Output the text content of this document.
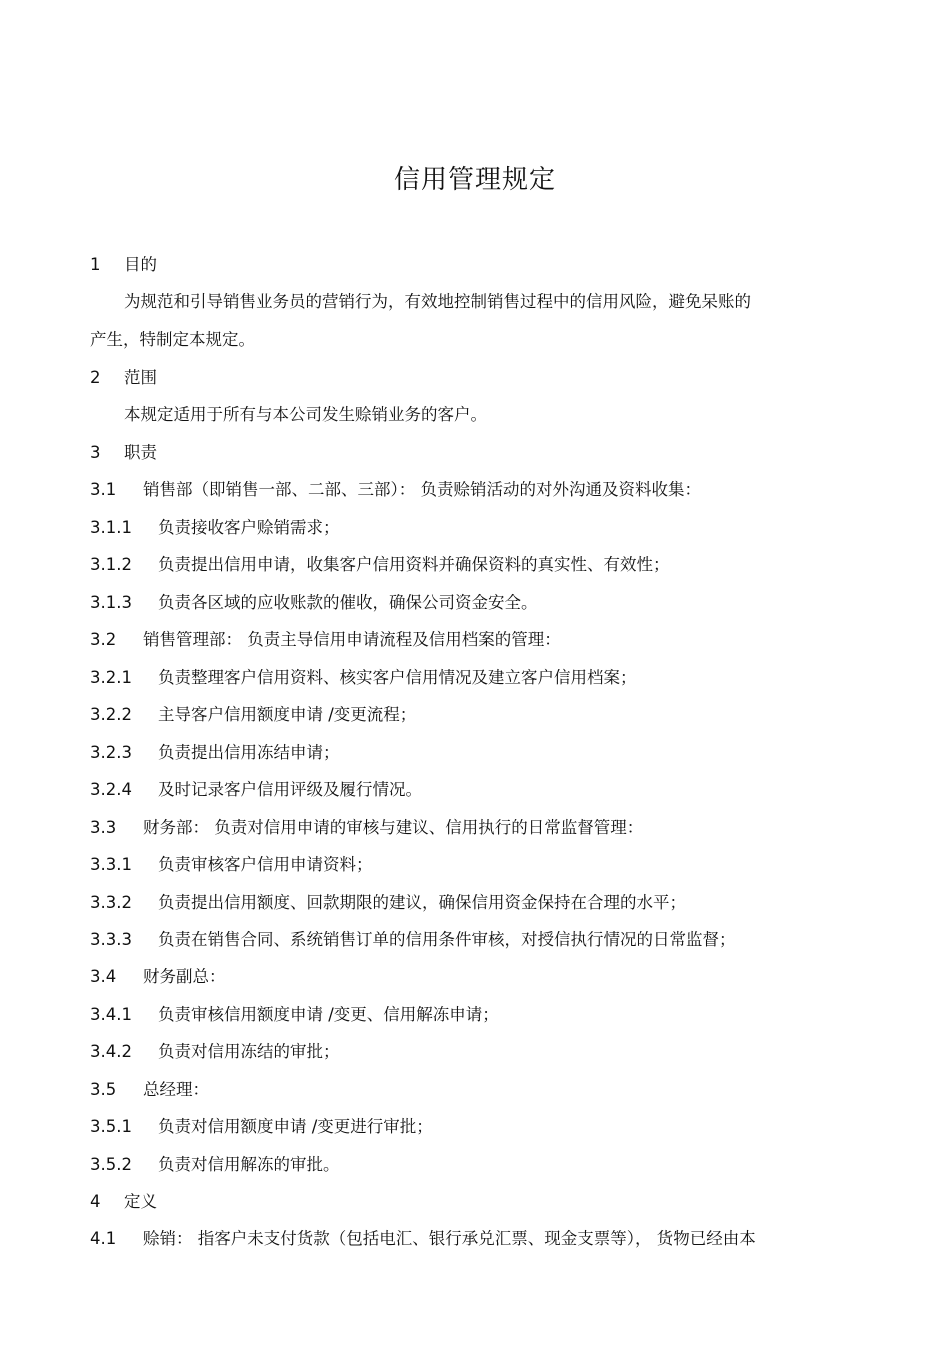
信用管理规定
1 目的
为规范和引导销售业务员的营销行为，有效地控制销售过程中的信用风险，避免呆账的
产生，特制定本规定。
2 范围
本规定适用于所有与本公司发生赊销业务的客户。
3 职责
3.1 销售部（即销售一部、二部、三部）： 负责赊销活动的对外沟通及资料收集：
3.1.1 负责接收客户赊销需求；
3.1.2 负责提出信用申请，收集客户信用资料并确保资料的真实性、有效性；
3.1.3 负责各区域的应收账款的催收，确保公司资金安全。
3.2 销售管理部： 负责主导信用申请流程及信用档案的管理：
3.2.1 负责整理客户信用资料、核实客户信用情况及建立客户信用档案；
3.2.2 主导客户信用额度申请 /变更流程；
3.2.3 负责提出信用冻结申请；
3.2.4 及时记录客户信用评级及履行情况。
3.3 财务部： 负责对信用申请的审核与建议、信用执行的日常监督管理：
3.3.1 负责审核客户信用申请资料；
3.3.2 负责提出信用额度、回款期限的建议，确保信用资金保持在合理的水平；
3.3.3 负责在销售合同、系统销售订单的信用条件审核，对授信执行情况的日常监督；
3.4 财务副总：
3.4.1 负责审核信用额度申请 /变更、信用解冻申请；
3.4.2 负责对信用冻结的审批；
3.5 总经理：
3.5.1 负责对信用额度申请 /变更进行审批；
3.5.2 负责对信用解冻的审批。
4 定义
4.1 赊销： 指客户未支付货款（包括电汇、银行承兑汇票、现金支票等）， 货物已经由本
